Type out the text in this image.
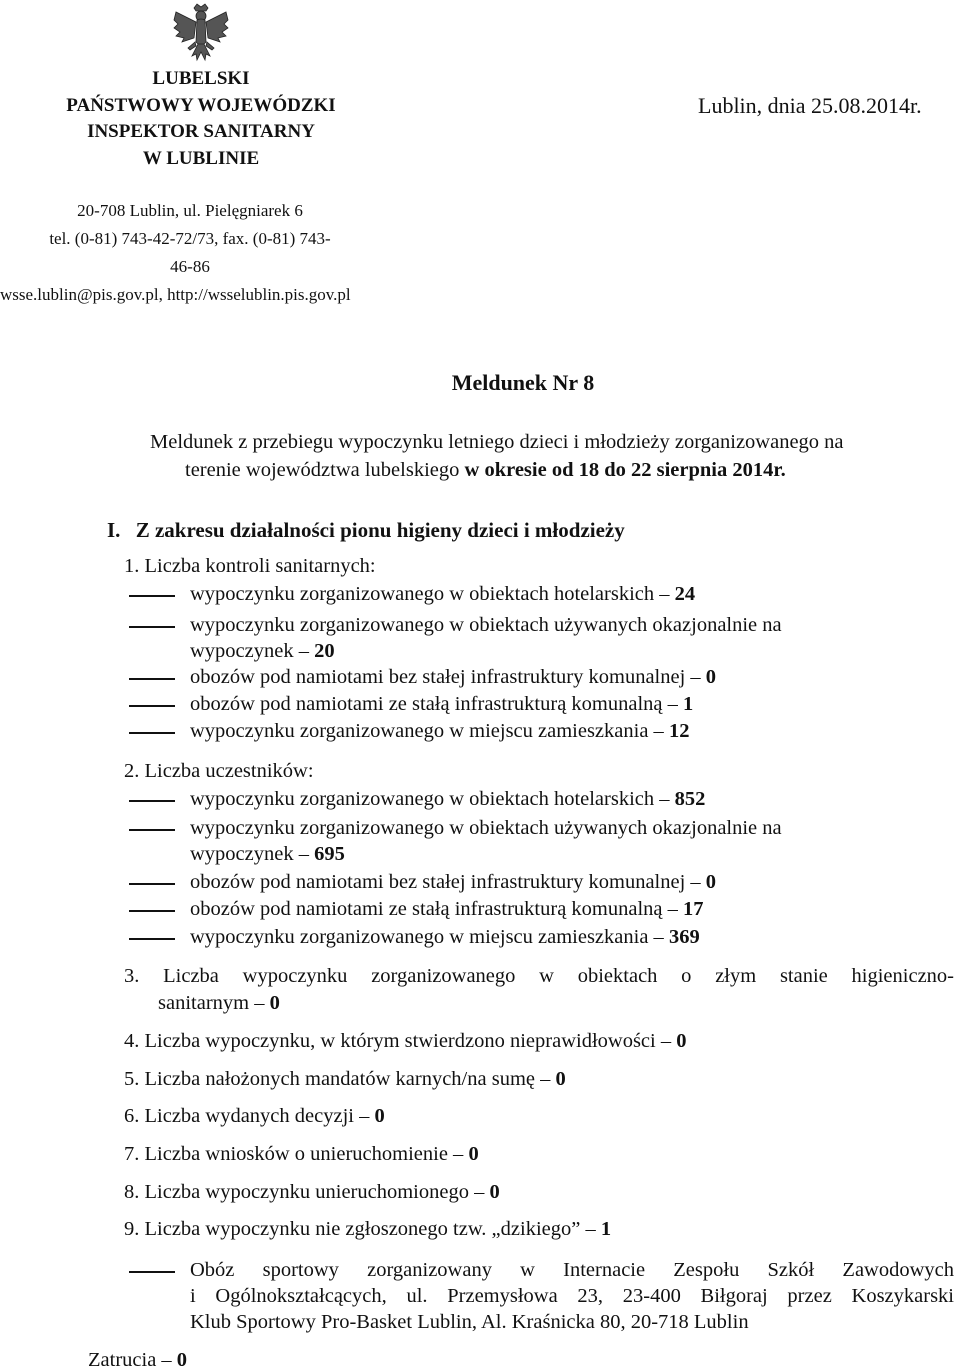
LUBELSKI
PAŃSTWOWY WOJEWÓDZKI
INSPEKTOR SANITARNY
W LUBLINIE
Lublin, dnia 25.08.2014r.
20-708 Lublin, ul. Pielęgniarek 6
tel. (0-81) 743-42-72/73, fax. (0-81) 743-46-86
wsse.lublin@pis.gov.pl, http://wsselublin.pis.gov.pl
Meldunek Nr 8
Meldunek z przebiegu wypoczynku letniego dzieci i młodzieży zorganizowanego na
terenie województwa lubelskiego w okresie od 18 do 22 sierpnia 2014r.
I. Z zakresu działalności pionu higieny dzieci i młodzieży
1. Liczba kontroli sanitarnych:
wypoczynku zorganizowanego w obiektach hotelarskich – 24
wypoczynku zorganizowanego w obiektach używanych okazjonalnie na
wypoczynek – 20
obozów pod namiotami bez stałej infrastruktury komunalnej – 0
obozów pod namiotami ze stałą infrastrukturą komunalną – 1
wypoczynku zorganizowanego w miejscu zamieszkania – 12
2. Liczba uczestników:
wypoczynku zorganizowanego w obiektach hotelarskich – 852
wypoczynku zorganizowanego w obiektach używanych okazjonalnie na
wypoczynek – 695
obozów pod namiotami bez stałej infrastruktury komunalnej – 0
obozów pod namiotami ze stałą infrastrukturą komunalną – 17
wypoczynku zorganizowanego w miejscu zamieszkania – 369
3. Liczba wypoczynku zorganizowanego w obiektach o złym stanie higieniczno-
sanitarnym – 0
4. Liczba wypoczynku, w którym stwierdzono nieprawidłowości – 0
5. Liczba nałożonych mandatów karnych/na sumę – 0
6. Liczba wydanych decyzji – 0
7. Liczba wniosków o unieruchomienie – 0
8. Liczba wypoczynku unieruchomionego – 0
9. Liczba wypoczynku nie zgłoszonego tzw. „dzikiego” – 1
Obóz sportowy zorganizowany w Internacie Zespołu Szkół Zawodowych
i Ogólnokształcących, ul. Przemysłowa 23, 23-400 Biłgoraj przez Koszykarski
Klub Sportowy Pro-Basket Lublin, Al. Kraśnicka 80, 20-718 Lublin
Zatrucia – 0
